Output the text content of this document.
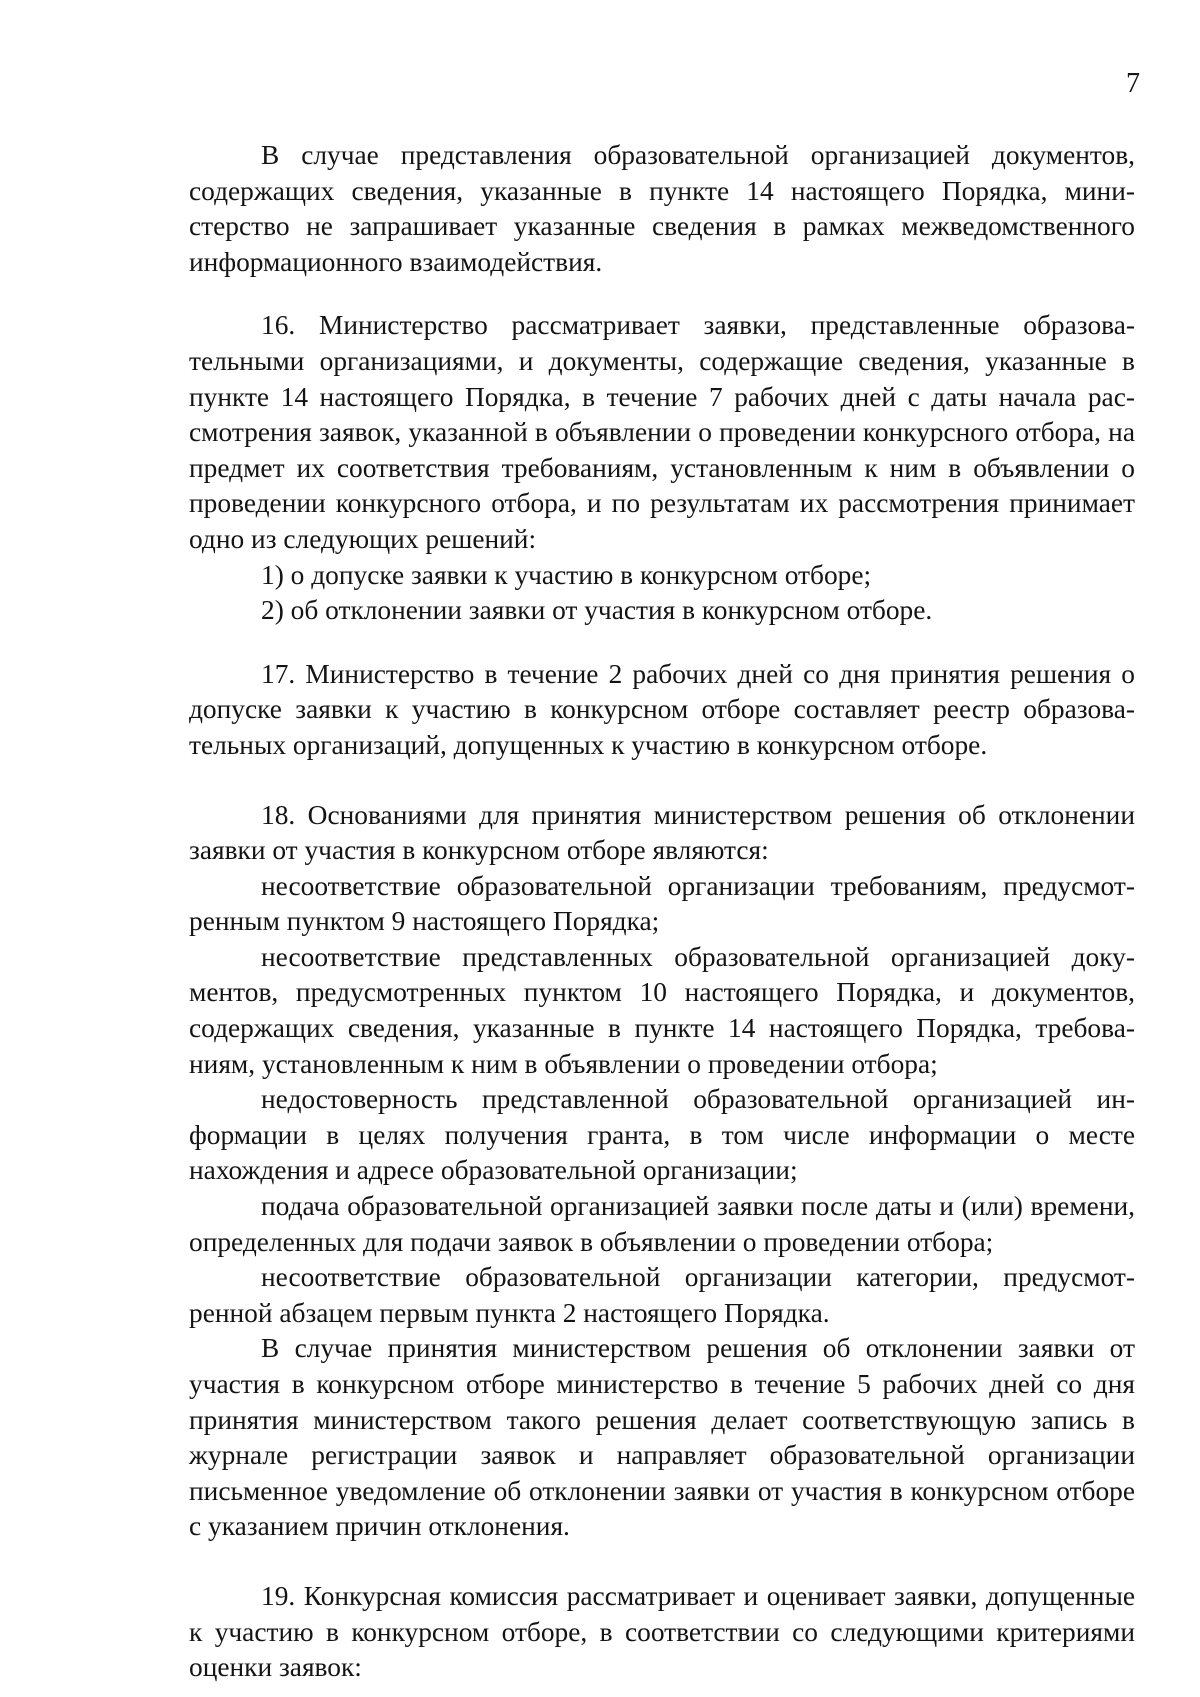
7
В случае представления образовательной организацией документов, содержащих сведения, указанные в пункте 14 настоящего Порядка, министерство не запрашивает указанные сведения в рамках межведомственного информационного взаимодействия.
16. Министерство рассматривает заявки, представленные образовательными организациями, и документы, содержащие сведения, указанные в пункте 14 настоящего Порядка, в течение 7 рабочих дней с даты начала рассмотрения заявок, указанной в объявлении о проведении конкурсного отбора, на предмет их соответствия требованиям, установленным к ним в объявлении о проведении конкурсного отбора, и по результатам их рассмотрения принимает одно из следующих решений:
1) о допуске заявки к участию в конкурсном отборе;
2) об отклонении заявки от участия в конкурсном отборе.
17. Министерство в течение 2 рабочих дней со дня принятия решения о допуске заявки к участию в конкурсном отборе составляет реестр образовательных организаций, допущенных к участию в конкурсном отборе.
18. Основаниями для принятия министерством решения об отклонении заявки от участия в конкурсном отборе являются:
несоответствие образовательной организации требованиям, предусмотренным пунктом 9 настоящего Порядка;
несоответствие представленных образовательной организацией документов, предусмотренных пунктом 10 настоящего Порядка, и документов, содержащих сведения, указанные в пункте 14 настоящего Порядка, требованиям, установленным к ним в объявлении о проведении отбора;
недостоверность представленной образовательной организацией информации в целях получения гранта, в том числе информации о месте нахождения и адресе образовательной организации;
подача образовательной организацией заявки после даты и (или) времени, определенных для подачи заявок в объявлении о проведении отбора;
несоответствие образовательной организации категории, предусмотренной абзацем первым пункта 2 настоящего Порядка.
В случае принятия министерством решения об отклонении заявки от участия в конкурсном отборе министерство в течение 5 рабочих дней со дня принятия министерством такого решения делает соответствующую запись в журнале регистрации заявок и направляет образовательной организации письменное уведомление об отклонении заявки от участия в конкурсном отборе с указанием причин отклонения.
19. Конкурсная комиссия рассматривает и оценивает заявки, допущенные к участию в конкурсном отборе, в соответствии со следующими критериями оценки заявок:
